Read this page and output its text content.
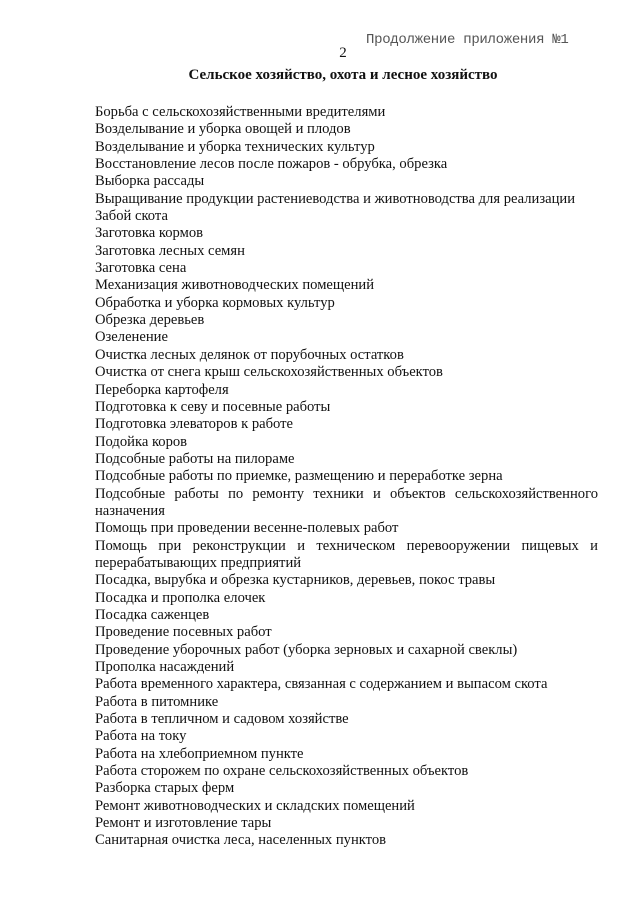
Продолжение приложения №1
2
Сельское хозяйство, охота и лесное хозяйство
Борьба с сельскохозяйственными вредителями
Возделывание и уборка овощей и плодов
Возделывание и уборка технических культур
Восстановление лесов после пожаров - обрубка, обрезка
Выборка рассады
Выращивание продукции растениеводства и животноводства для реализации
Забой скота
Заготовка кормов
Заготовка лесных семян
Заготовка сена
Механизация животноводческих помещений
Обработка и уборка кормовых культур
Обрезка деревьев
Озеленение
Очистка лесных делянок от порубочных остатков
Очистка от снега крыш сельскохозяйственных объектов
Переборка картофеля
Подготовка к севу и посевные работы
Подготовка элеваторов к работе
Подойка коров
Подсобные работы на пилораме
Подсобные работы по приемке, размещению и переработке зерна
Подсобные работы по ремонту техники и объектов сельскохозяйственного назначения
Помощь при проведении весенне-полевых работ
Помощь при реконструкции и техническом перевооружении пищевых и перерабатывающих предприятий
Посадка, вырубка и обрезка кустарников, деревьев, покос травы
Посадка и прополка елочек
Посадка саженцев
Проведение посевных работ
Проведение уборочных работ (уборка зерновых и сахарной свеклы)
Прополка насаждений
Работа временного характера, связанная с содержанием и выпасом скота
Работа в питомнике
Работа в тепличном и садовом хозяйстве
Работа на току
Работа на хлебоприемном пункте
Работа сторожем по охране сельскохозяйственных объектов
Разборка старых ферм
Ремонт животноводческих и складских помещений
Ремонт и изготовление тары
Санитарная очистка леса, населенных пунктов
